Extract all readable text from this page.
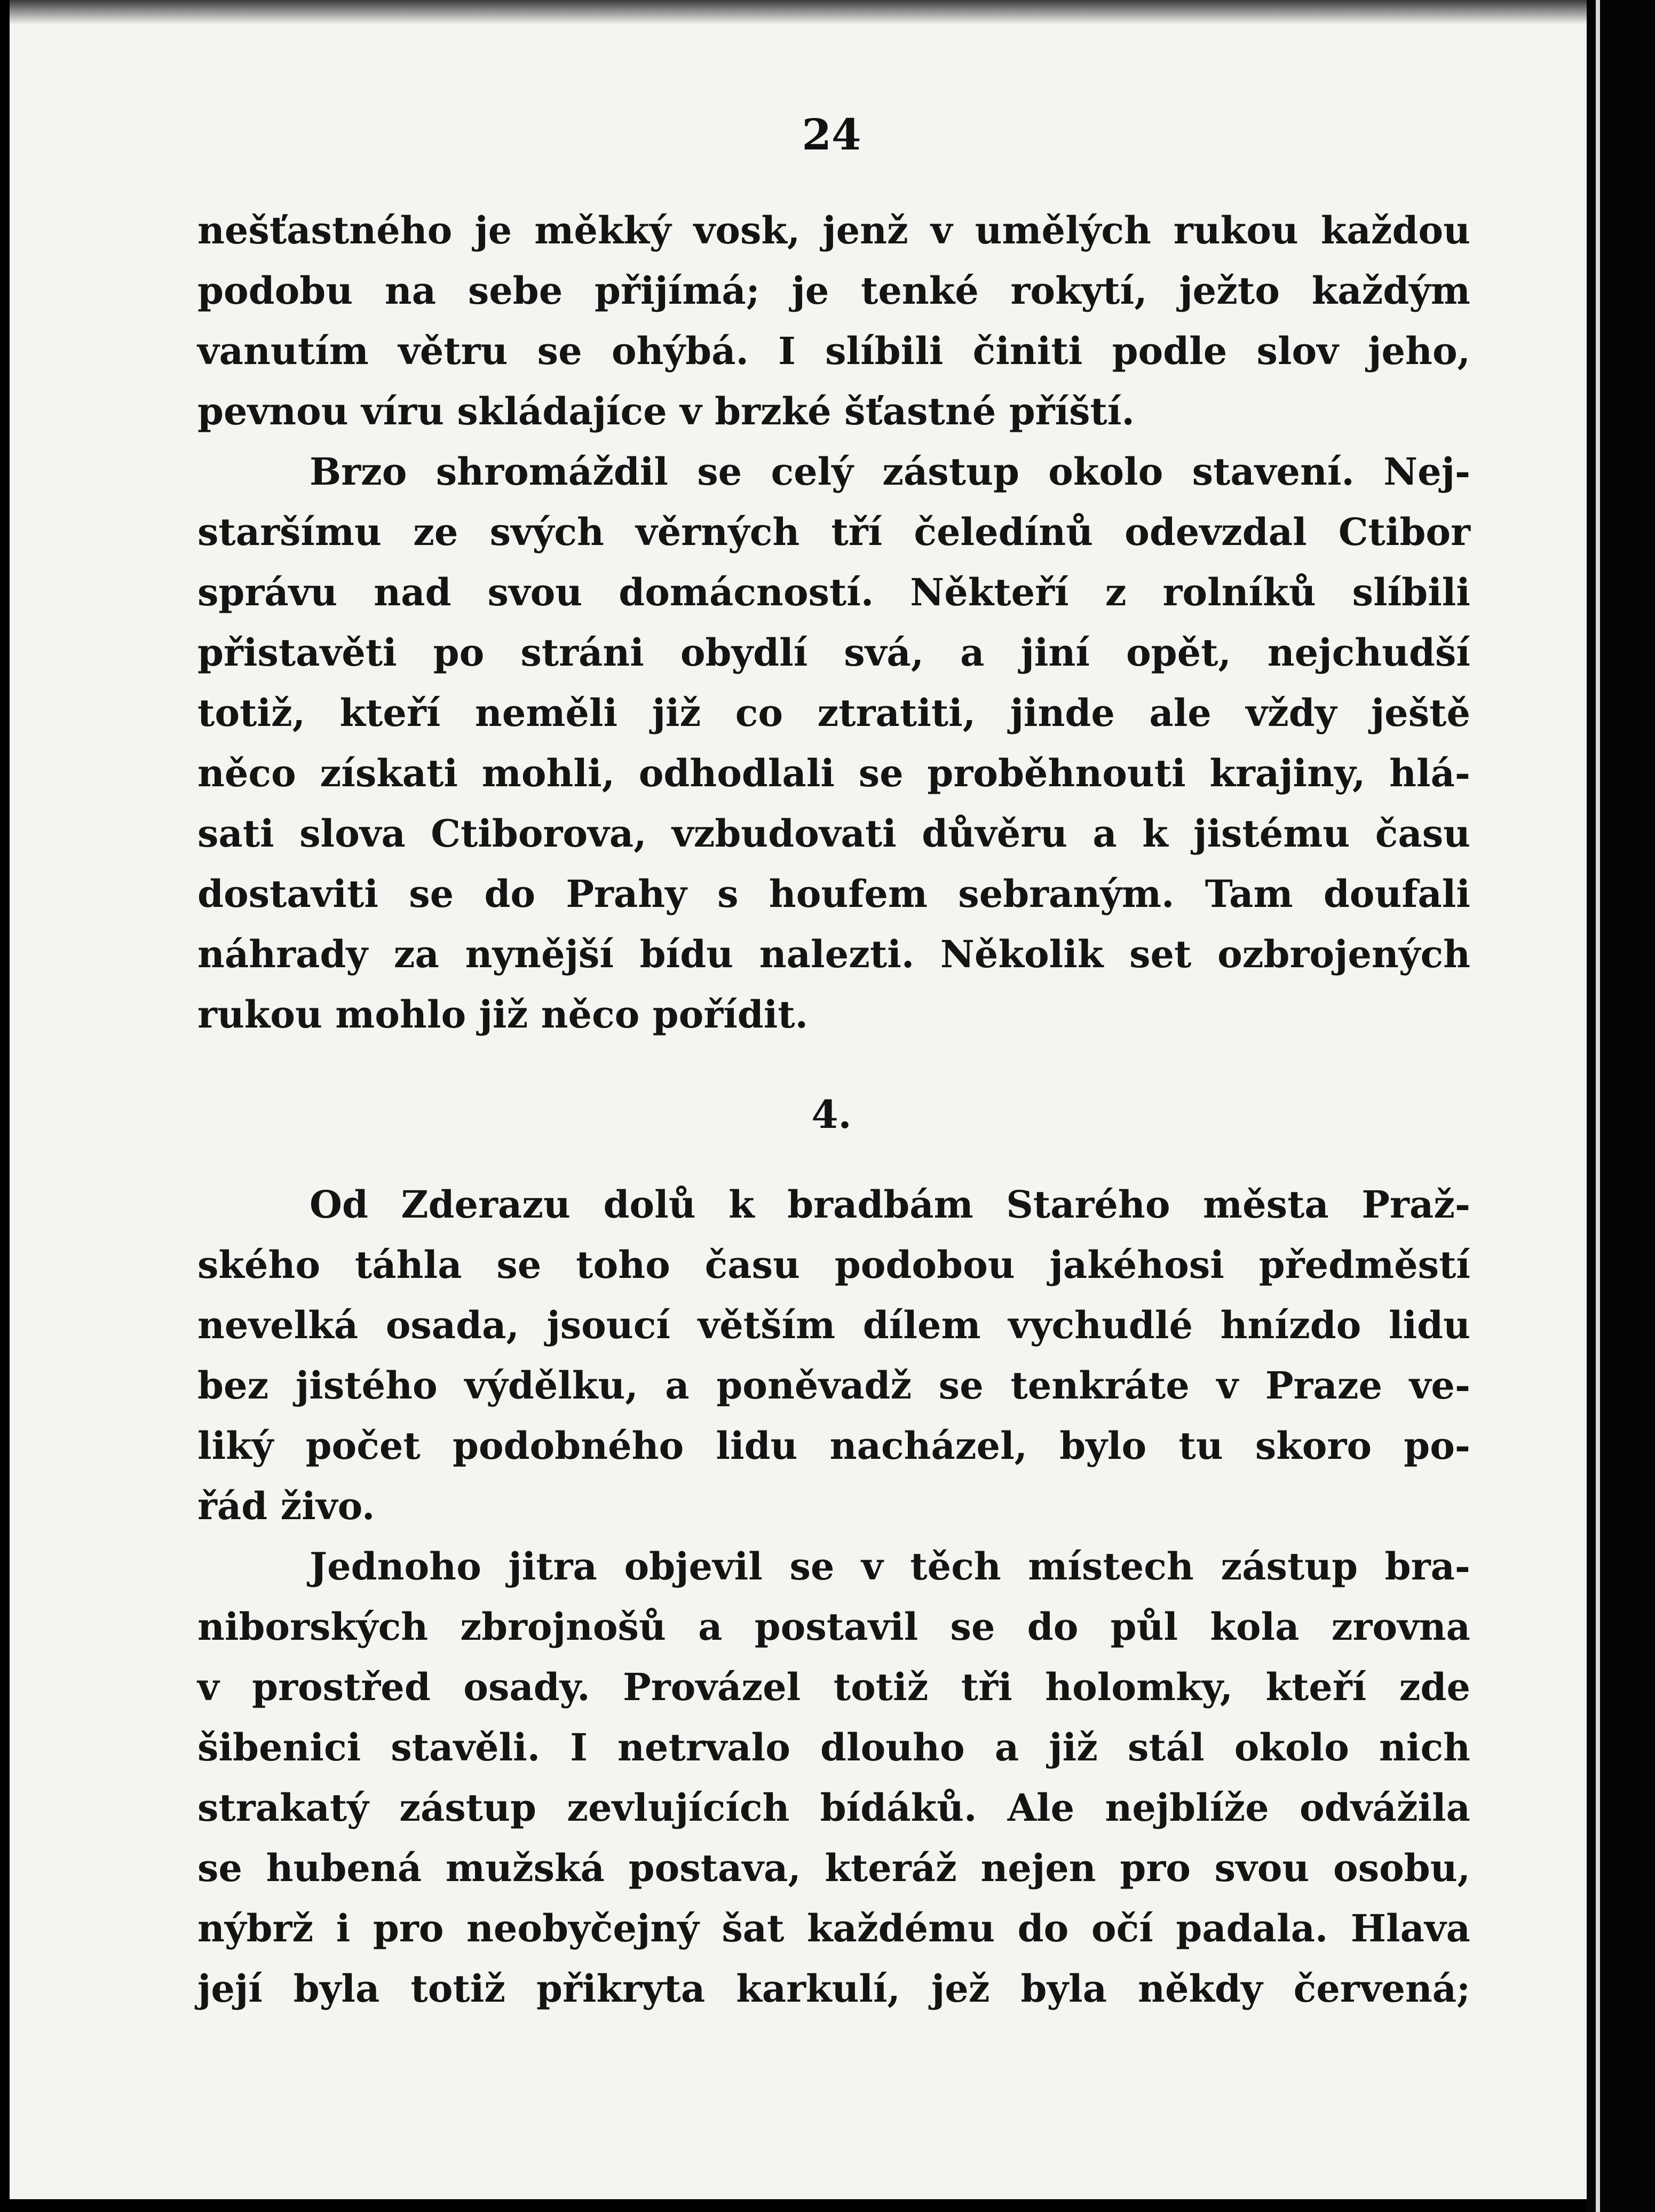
24
nešťastného je měkký vosk, jenž v umělých rukou každou
podobu na sebe přijímá; je tenké rokytí, ježto každým
vanutím větru se ohýbá. I slíbili činiti podle slov jeho,
pevnou víru skládajíce v brzké šťastné příští.
Brzo shromáždil se celý zástup okolo stavení. Nej-
staršímu ze svých věrných tří čeledínů odevzdal Ctibor
správu nad svou domácností. Někteří z rolníků slíbili
přistavěti po stráni obydlí svá, a jiní opět, nejchudší
totiž, kteří neměli již co ztratiti, jinde ale vždy ještě
něco získati mohli, odhodlali se proběhnouti krajiny, hlá-
sati slova Ctiborova, vzbudovati důvěru a k jistému času
dostaviti se do Prahy s houfem sebraným. Tam doufali
náhrady za nynější bídu nalezti. Několik set ozbrojených
rukou mohlo již něco pořídit.
4.
Od Zderazu dolů k bradbám Starého města Praž-
ského táhla se toho času podobou jakéhosi předměstí
nevelká osada, jsoucí větším dílem vychudlé hnízdo lidu
bez jistého výdělku, a poněvadž se tenkráte v Praze ve-
liký počet podobného lidu nacházel, bylo tu skoro po-
řád živo.
Jednoho jitra objevil se v těch místech zástup bra-
niborských zbrojnošů a postavil se do půl kola zrovna
v prostřed osady. Provázel totiž tři holomky, kteří zde
šibenici stavěli. I netrvalo dlouho a již stál okolo nich
strakatý zástup zevlujících bídáků. Ale nejblíže odvážila
se hubená mužská postava, kteráž nejen pro svou osobu,
nýbrž i pro neobyčejný šat každému do očí padala. Hlava
její byla totiž přikryta karkulí, jež byla někdy červená;
